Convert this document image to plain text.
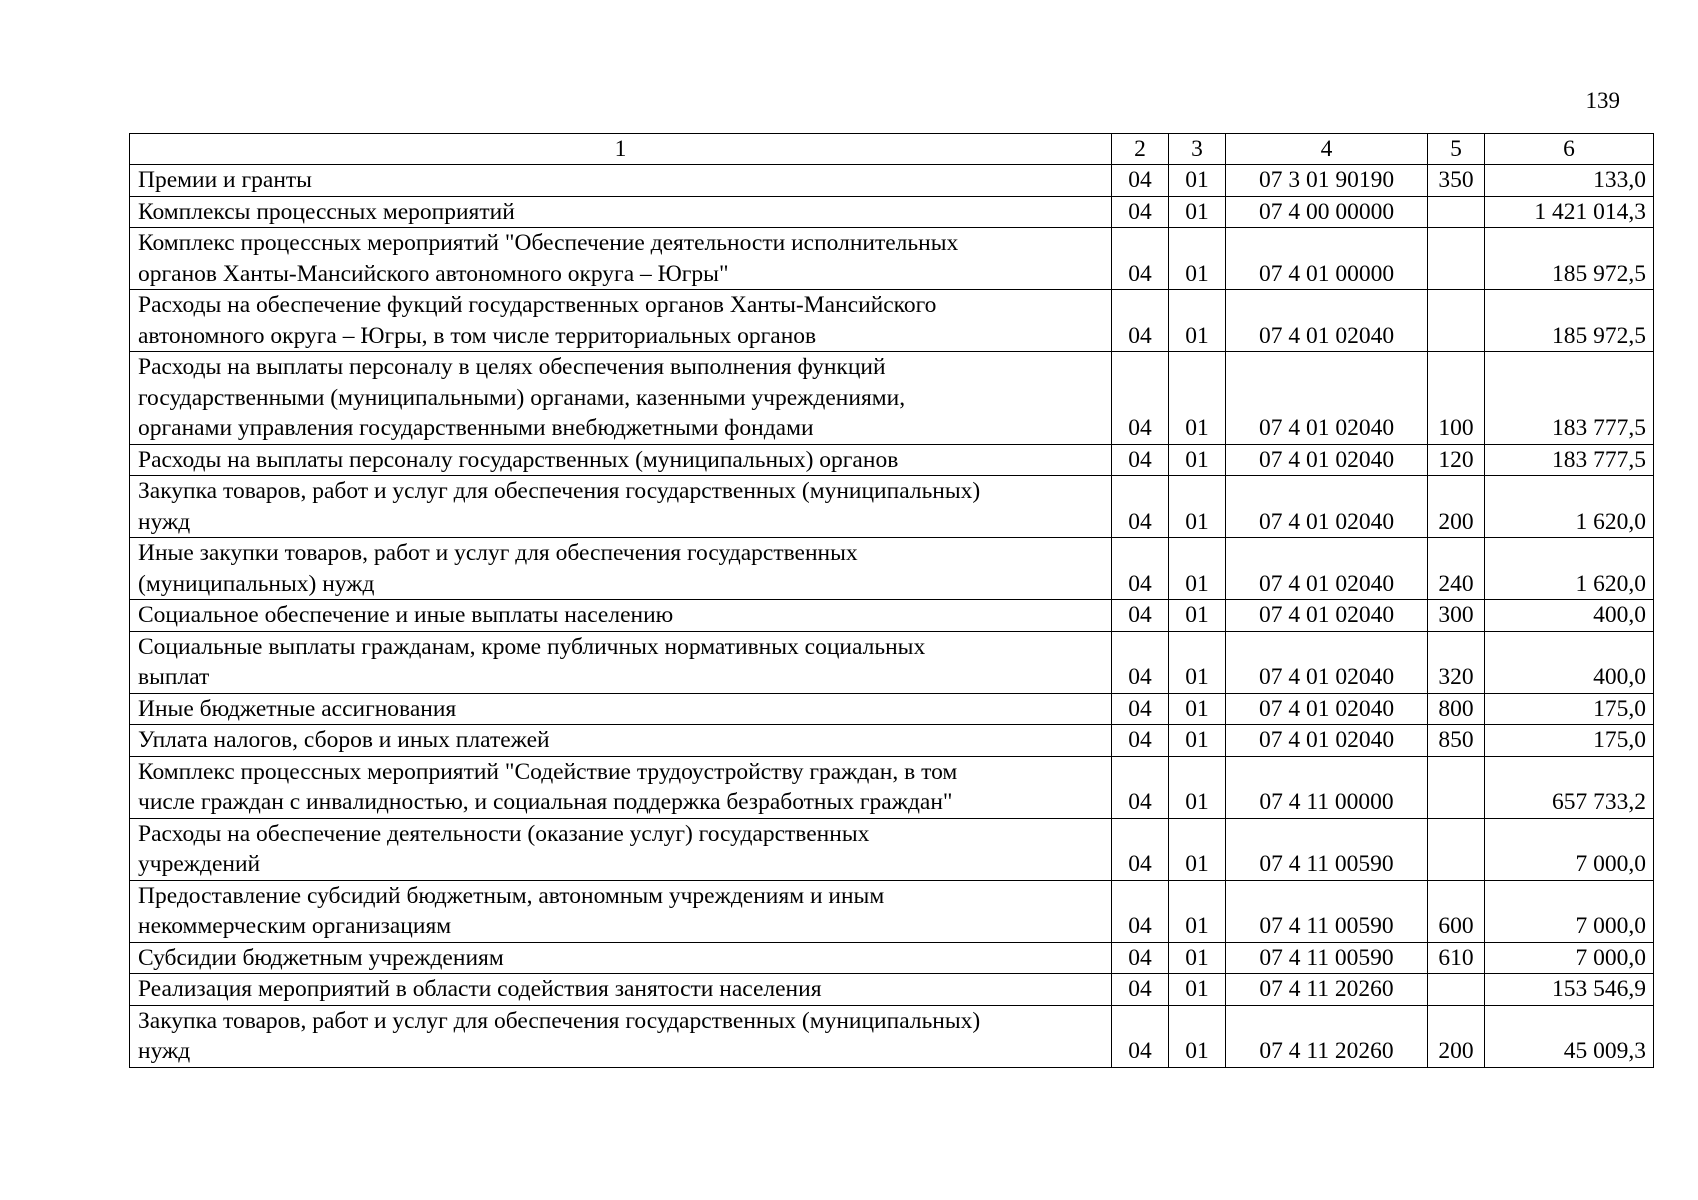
139
1	2	3	4	5	6

Премии и гранты	04	01	07 3 01 90190	350	133,0

Комплексы процессных мероприятий	04	01	07 4 00 00000		1 421 014,3

Комплекс процессных мероприятий "Обеспечение деятельности исполнительных
органов Ханты-Мансийского автономного округа – Югры"	04	01	07 4 01 00000		185 972,5

Расходы на обеспечение фукций государственных органов Ханты-Мансийского
автономного округа – Югры, в том числе территориальных органов	04	01	07 4 01 02040		185 972,5

Расходы на выплаты персоналу в целях обеспечения выполнения функций
государственными (муниципальными) органами, казенными учреждениями,
органами управления государственными внебюджетными фондами	04	01	07 4 01 02040	100	183 777,5

Расходы на выплаты персоналу государственных (муниципальных) органов	04	01	07 4 01 02040	120	183 777,5

Закупка товаров, работ и услуг для обеспечения государственных (муниципальных)
нужд	04	01	07 4 01 02040	200	1 620,0

Иные закупки товаров, работ и услуг для обеспечения государственных
(муниципальных) нужд	04	01	07 4 01 02040	240	1 620,0

Социальное обеспечение и иные выплаты населению	04	01	07 4 01 02040	300	400,0

Социальные выплаты гражданам, кроме публичных нормативных социальных
выплат	04	01	07 4 01 02040	320	400,0

Иные бюджетные ассигнования	04	01	07 4 01 02040	800	175,0

Уплата налогов, сборов и иных платежей	04	01	07 4 01 02040	850	175,0

Комплекс процессных мероприятий "Содействие трудоустройству граждан, в том
числе граждан с инвалидностью, и социальная поддержка безработных граждан"	04	01	07 4 11 00000		657 733,2

Расходы на обеспечение деятельности (оказание услуг) государственных
учреждений	04	01	07 4 11 00590		7 000,0

Предоставление субсидий бюджетным, автономным учреждениям и иным
некоммерческим организациям	04	01	07 4 11 00590	600	7 000,0

Субсидии бюджетным учреждениям	04	01	07 4 11 00590	610	7 000,0

Реализация мероприятий в области содействия занятости населения	04	01	07 4 11 20260		153 546,9

Закупка товаров, работ и услуг для обеспечения государственных (муниципальных)
нужд	04	01	07 4 11 20260	200	45 009,3
